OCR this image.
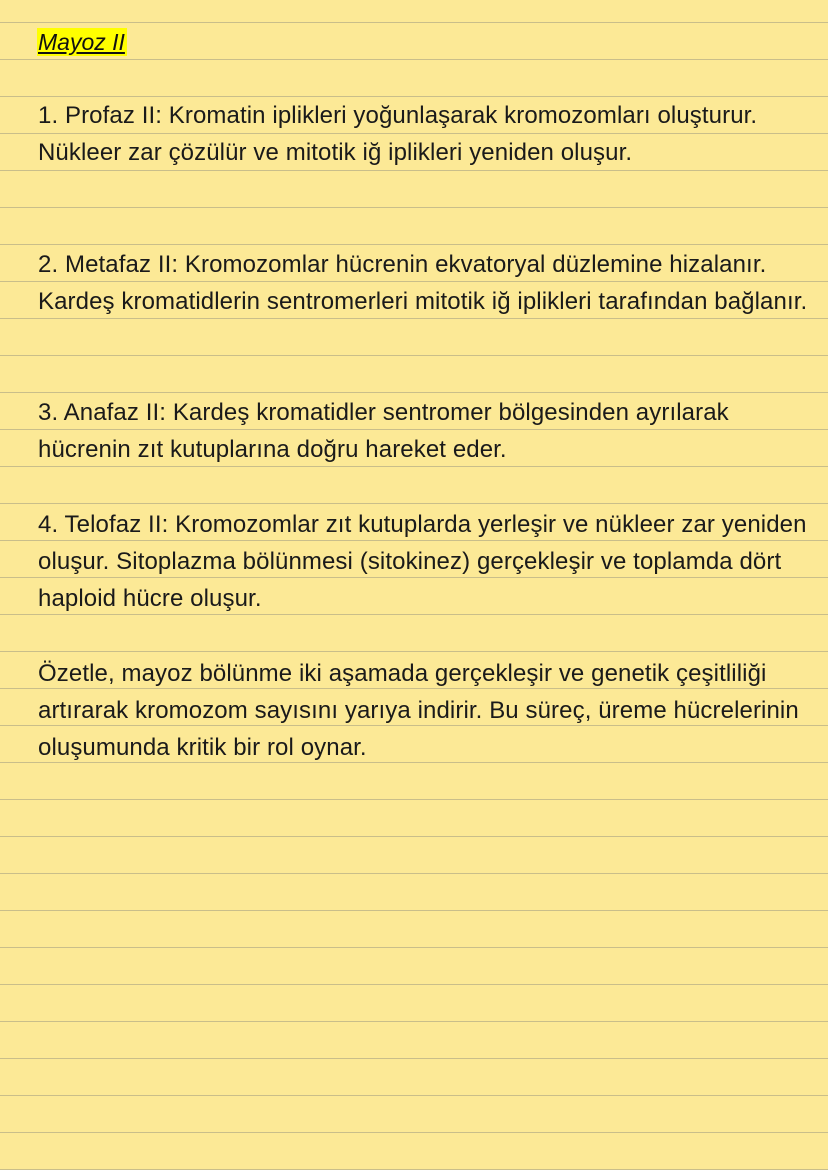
Mayoz II

1. Profaz II: Kromatin iplikleri yoğunlaşarak kromozomları oluşturur. Nükleer zar çözülür ve mitotik iğ iplikleri yeniden oluşur.

2. Metafaz II: Kromozomlar hücrenin ekvatoryal düzlemine hizalanır. Kardeş kromatidlerin sentromerleri mitotik iğ iplikleri tarafından bağlanır.

3. Anafaz II: Kardeş kromatidler sentromer bölgesinden ayrılarak hücrenin zıt kutuplarına doğru hareket eder.

4. Telofaz II: Kromozomlar zıt kutuplarda yerleşir ve nükleer zar yeniden oluşur. Sitoplazma bölünmesi (sitokinez) gerçekleşir ve toplamda dört haploid hücre oluşur.

Özetle, mayoz bölünme iki aşamada gerçekleşir ve genetik çeşitliliği artırarak kromozom sayısını yarıya indirir. Bu süreç, üreme hücrelerinin oluşumunda kritik bir rol oynar.
